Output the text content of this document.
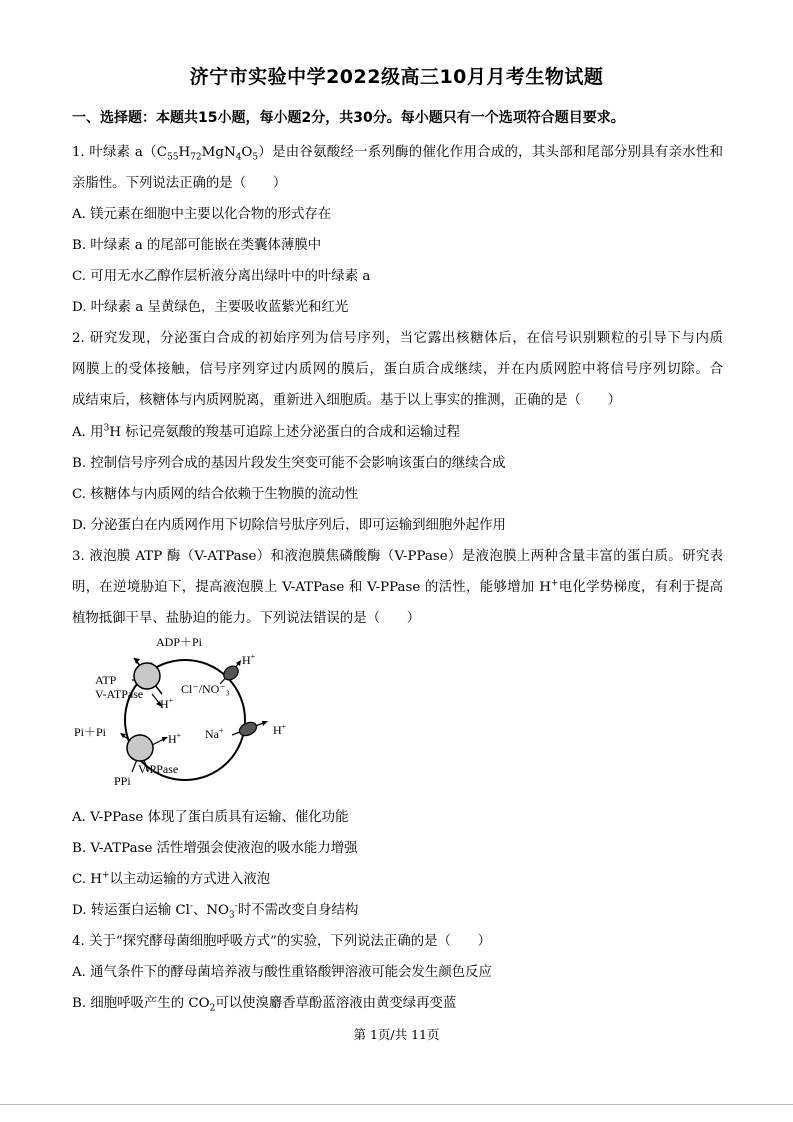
济宁市实验中学2022级高三10月月考生物试题
一、选择题：本题共15小题，每小题2分，共30分。每小题只有一个选项符合题目要求。
1. 叶绿素 $a(C_{55}H_{72}MgN_4O_5)$是由谷氨酸经一系列酶的催化作用合成的，其头部和尾部分别具有亲水性和
亲脂性。下列说法正确的是（　　）
A. 镁元素在细胞中主要以化合物的形式存在
B. 叶绿素 a 的尾部可能嵌在类囊体薄膜中
C. 可用无水乙醇作层析液分离出绿叶中的叶绿素 a
D. 叶绿素 a 呈黄绿色，主要吸收蓝紫光和红光
2. 研究发现，分泌蛋白合成的初始序列为信号序列，当它露出核糖体后，在信号识别颗粒的引导下与内质
网膜上的受体接触，信号序列穿过内质网的膜后，蛋白质合成继续，并在内质网腔中将信号序列切除。合
成结束后，核糖体与内质网脱离，重新进入细胞质。基于以上事实的推测，正确的是（　　）
A. 用$^3$H 标记亮氨酸的羧基可追踪上述分泌蛋白的合成和运输过程
B. 控制信号序列合成的基因片段发生突变可能不会影响该蛋白的继续合成
C. 核糖体与内质网的结合依赖于生物膜的流动性
D. 分泌蛋白在内质网作用下切除信号肽序列后，即可运输到细胞外起作用
3. 液泡膜 ATP 酶（V-ATPase）和液泡膜焦磷酸酶（V-PPase）是液泡膜上两种含量丰富的蛋白质。研究表
明，在逆境胁迫下，提高液泡膜上 V-ATPase 和 V-PPase 的活性，能够增加 H+电化学势梯度，有利于提高
植物抵御干旱、盐胁迫的能力。下列说法错误的是（　　）
ADP＋Pi
ATP
V-ATPase
H+
H+
Cl⁻/NO⁻₃
Na+	H+
Pi＋Pi	H+
V-PPase
PPi
A. V-PPase 体现了蛋白质具有运输、催化功能
B. V-ATPase 活性增强会使液泡的吸水能力增强
C. H+以主动运输的方式进入液泡
D. 转运蛋白运输 Cl-、$NO_3^-$时不需改变自身结构
4. 关于“探究酵母菌细胞呼吸方式”的实验，下列说法正确的是（　　）
A. 通气条件下的酵母菌培养液与酸性重铬酸钾溶液可能会发生颜色反应
B. 细胞呼吸产生的 $CO_2$可以使溴麝香草酚蓝溶液由黄变绿再变蓝
第 1页/共 11页
